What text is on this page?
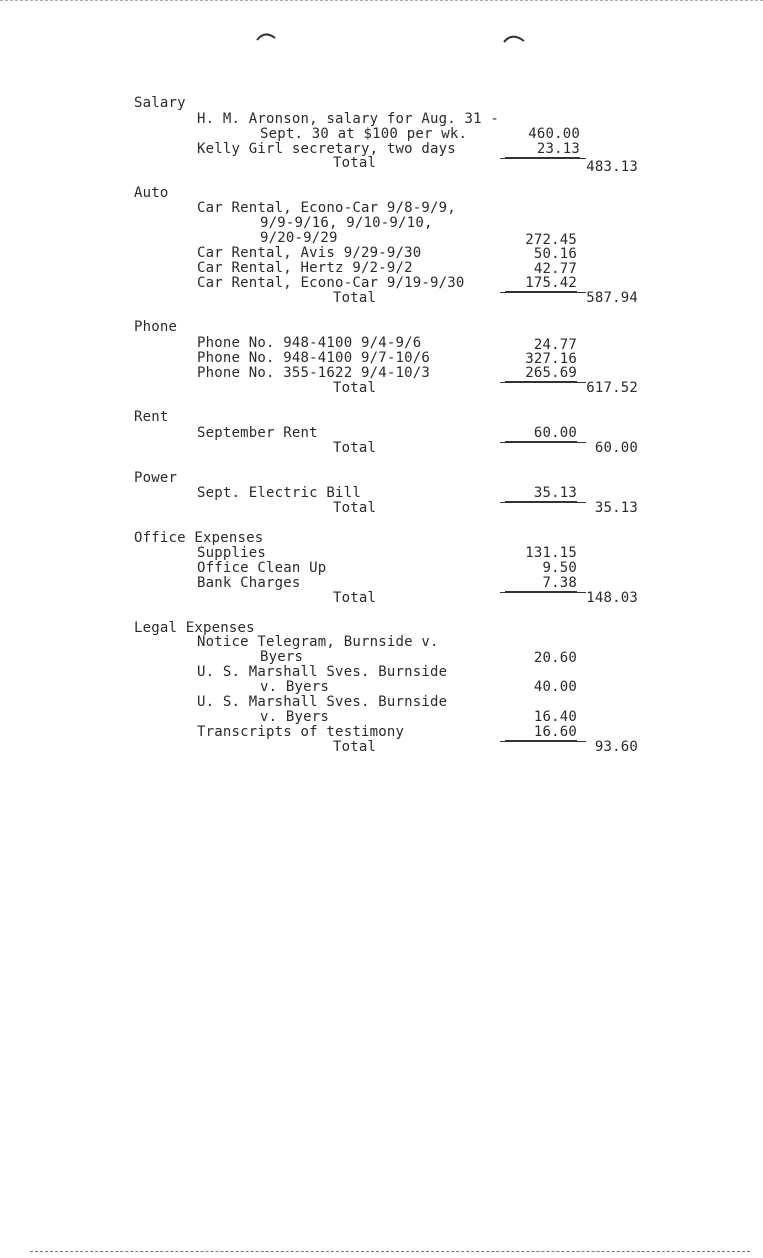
Salary
H. M. Aronson, salary for Aug. 31 -
Sept. 30 at $100 per wk.	460.00
Kelly Girl secretary, two days	23.13
Total	483.13
Auto
Car Rental, Econo-Car 9/8-9/9,
9/9-9/16, 9/10-9/10,
9/20-9/29	272.45
Car Rental, Avis 9/29-9/30	50.16
Car Rental, Hertz 9/2-9/2	42.77
Car Rental, Econo-Car 9/19-9/30	175.42
Total	587.94
Phone
Phone No. 948-4100 9/4-9/6	24.77
Phone No. 948-4100 9/7-10/6	327.16
Phone No. 355-1622 9/4-10/3	265.69
Total	617.52
Rent
September Rent	60.00
Total	60.00
Power
Sept. Electric Bill	35.13
Total	35.13
Office Expenses
Supplies	131.15
Office Clean Up	9.50
Bank Charges	7.38
Total	148.03
Legal Expenses
Notice Telegram, Burnside v.
Byers	20.60
U. S. Marshall Sves. Burnside
v. Byers	40.00
U. S. Marshall Sves. Burnside
v. Byers	16.40
Transcripts of testimony	16.60
Total	93.60
